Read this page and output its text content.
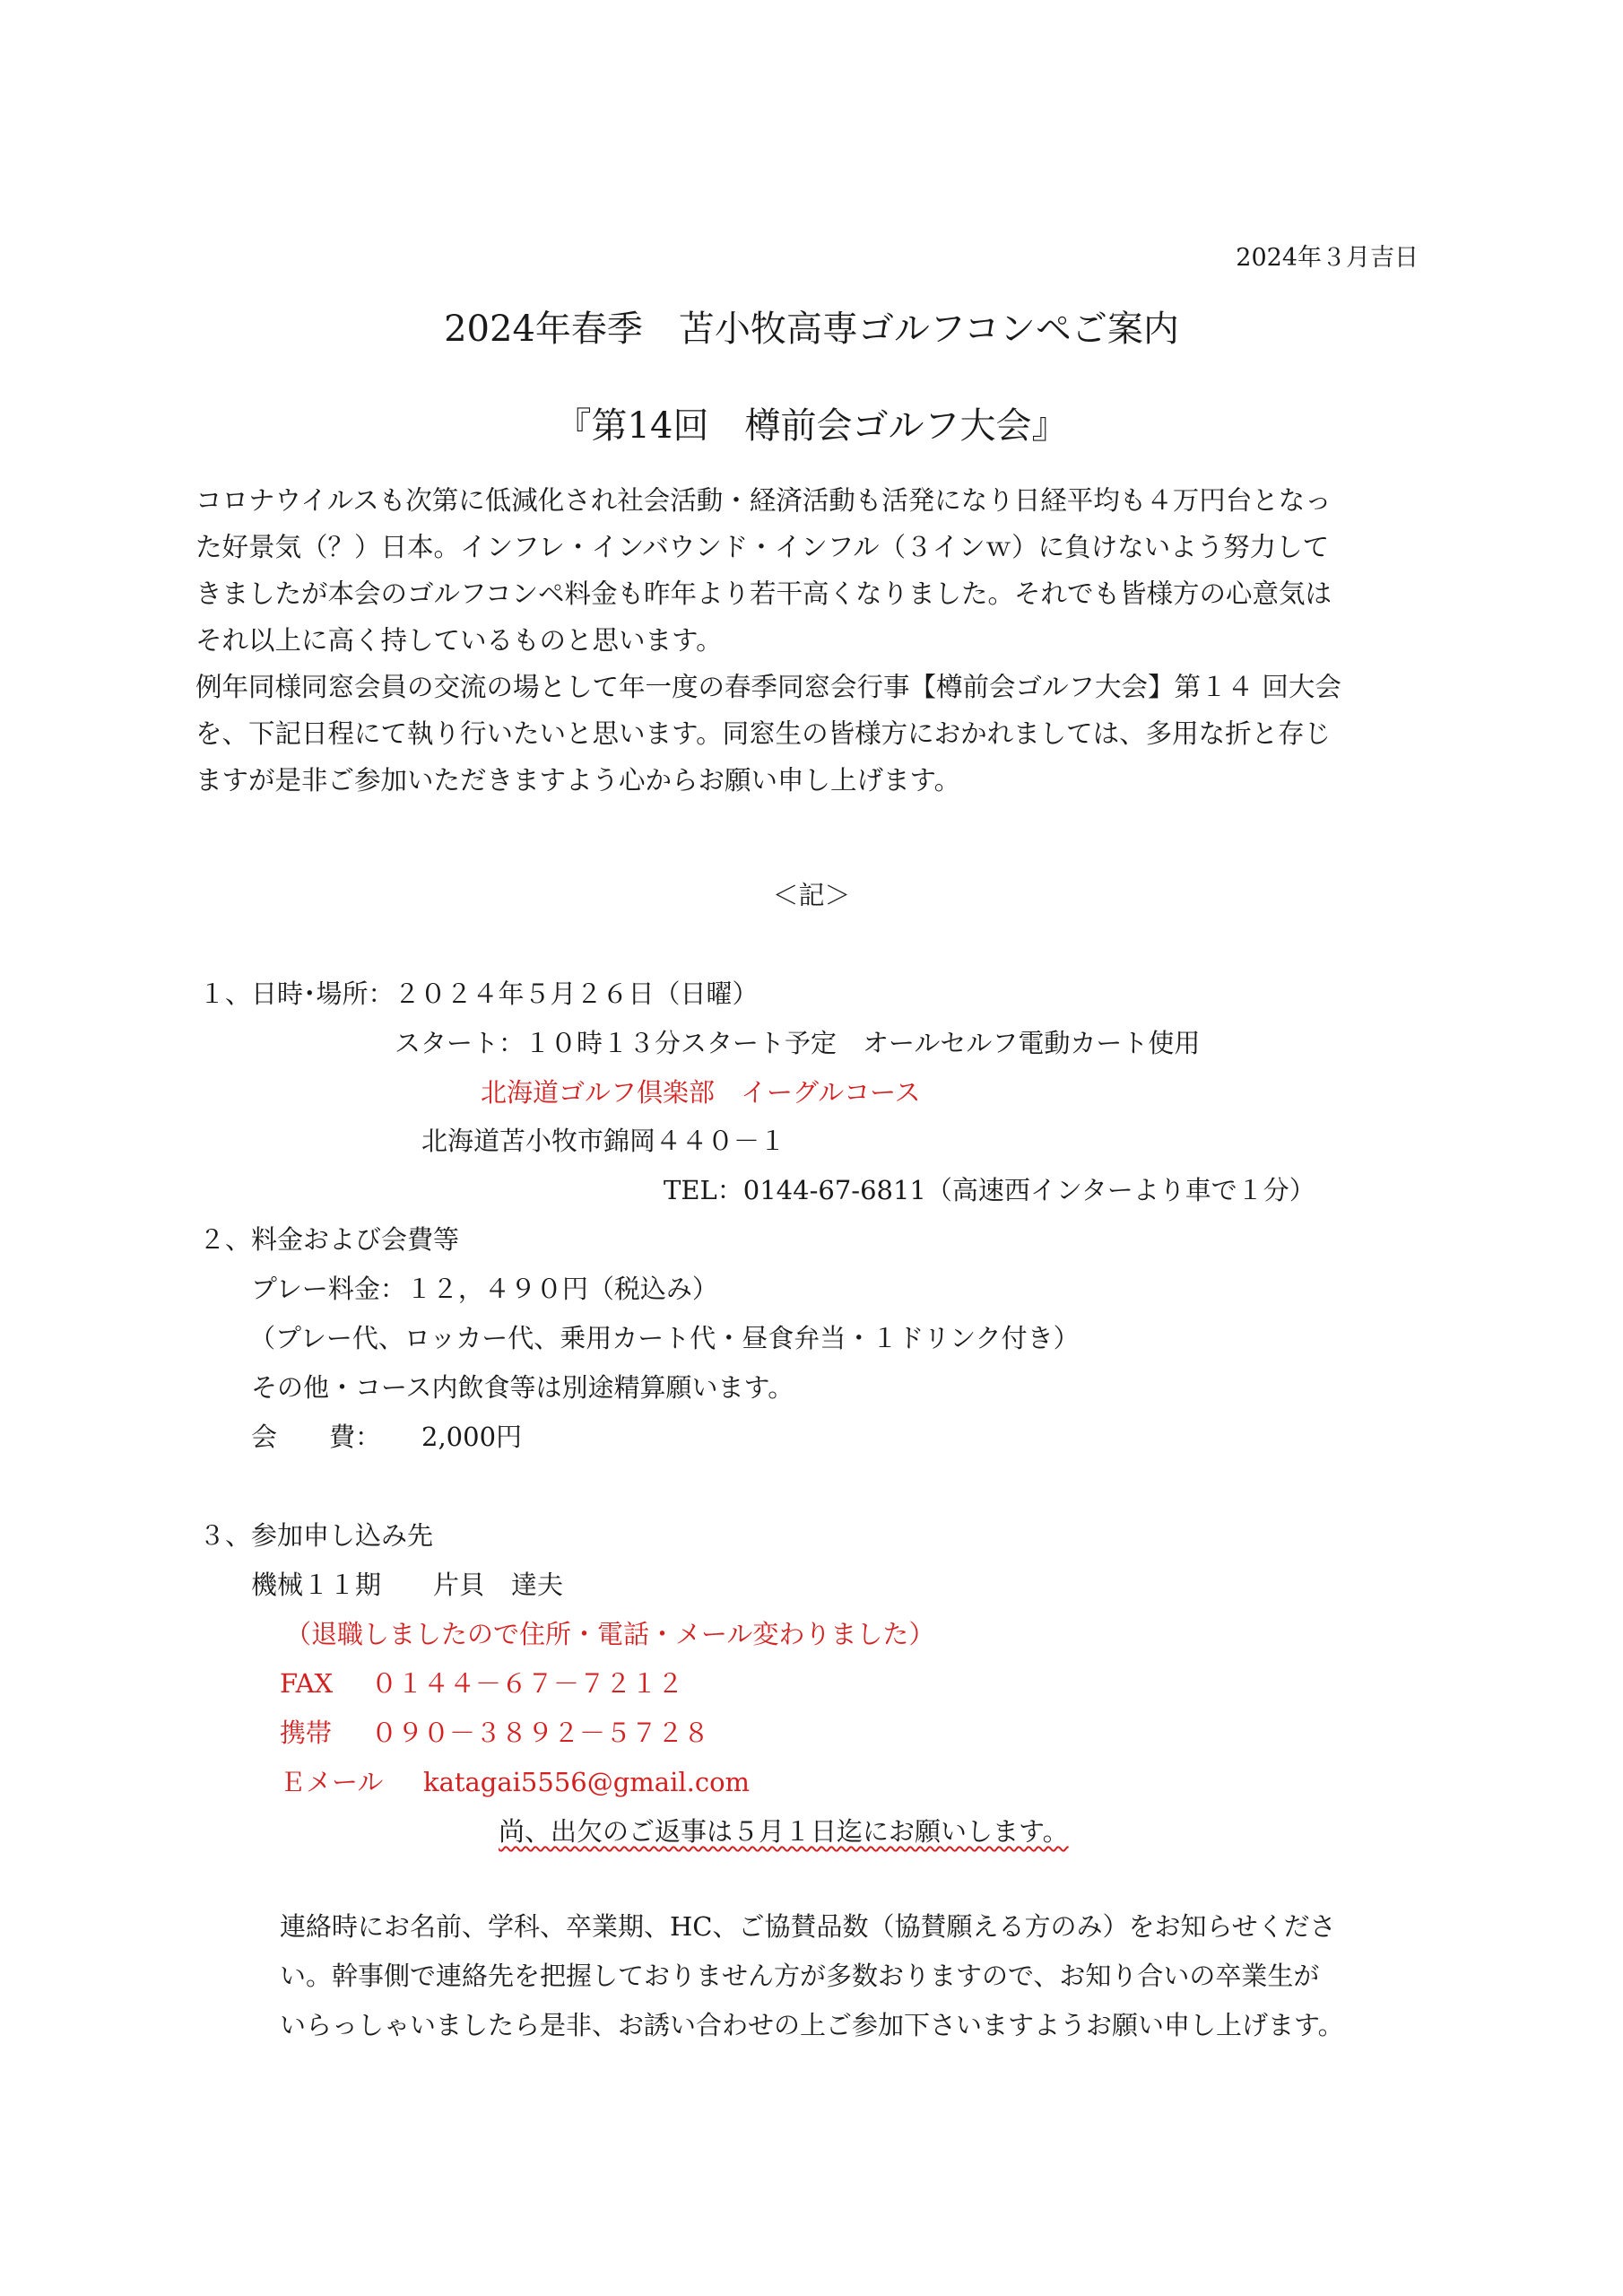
2024年３月吉日
2024年春季　苫小牧高専ゴルフコンペご案内
『第14回　樽前会ゴルフ大会』
コロナウイルスも次第に低減化され社会活動・経済活動も活発になり日経平均も４万円台となっ
た好景気（？）日本。インフレ・インバウンド・インフル（３インｗ）に負けないよう努力して
きましたが本会のゴルフコンペ料金も昨年より若干高くなりました。それでも皆様方の心意気は
それ以上に高く持しているものと思います。
例年同様同窓会員の交流の場として年一度の春季同窓会行事【樽前会ゴルフ大会】第１４ 回大会
を、下記日程にて執り行いたいと思います。同窓生の皆様方におかれましては、多用な折と存じ
ますが是非ご参加いただきますよう心からお願い申し上げます。
＜記＞
１、日時･場所：２０２４年５月２６日（日曜）
スタート：１０時１３分スタート予定　オールセルフ電動カート使用
北海道ゴルフ倶楽部　イーグルコース
北海道苫小牧市錦岡４４０－１
TEL：0144-67-6811（高速西インターより車で１分）
２、料金および会費等
プレー料金：１２，４９０円（税込み）
（プレー代、ロッカー代、乗用カート代・昼食弁当・１ドリンク付き）
その他・コース内飲食等は別途精算願います。
会　　費： 2,000円
３、参加申し込み先
機械１１期　　片貝　達夫
（退職しましたので住所・電話・メール変わりました）
FAX ０１４４－６７－７２１２
携帯 ０９０－３８９２－５７２８
Ｅメール katagai5556@gmail.com
尚、出欠のご返事は５月１日迄にお願いします。
連絡時にお名前、学科、卒業期、HC、ご協賛品数（協賛願える方のみ）をお知らせくださ
い。幹事側で連絡先を把握しておりません方が多数おりますので、お知り合いの卒業生が
いらっしゃいましたら是非、お誘い合わせの上ご参加下さいますようお願い申し上げます。
